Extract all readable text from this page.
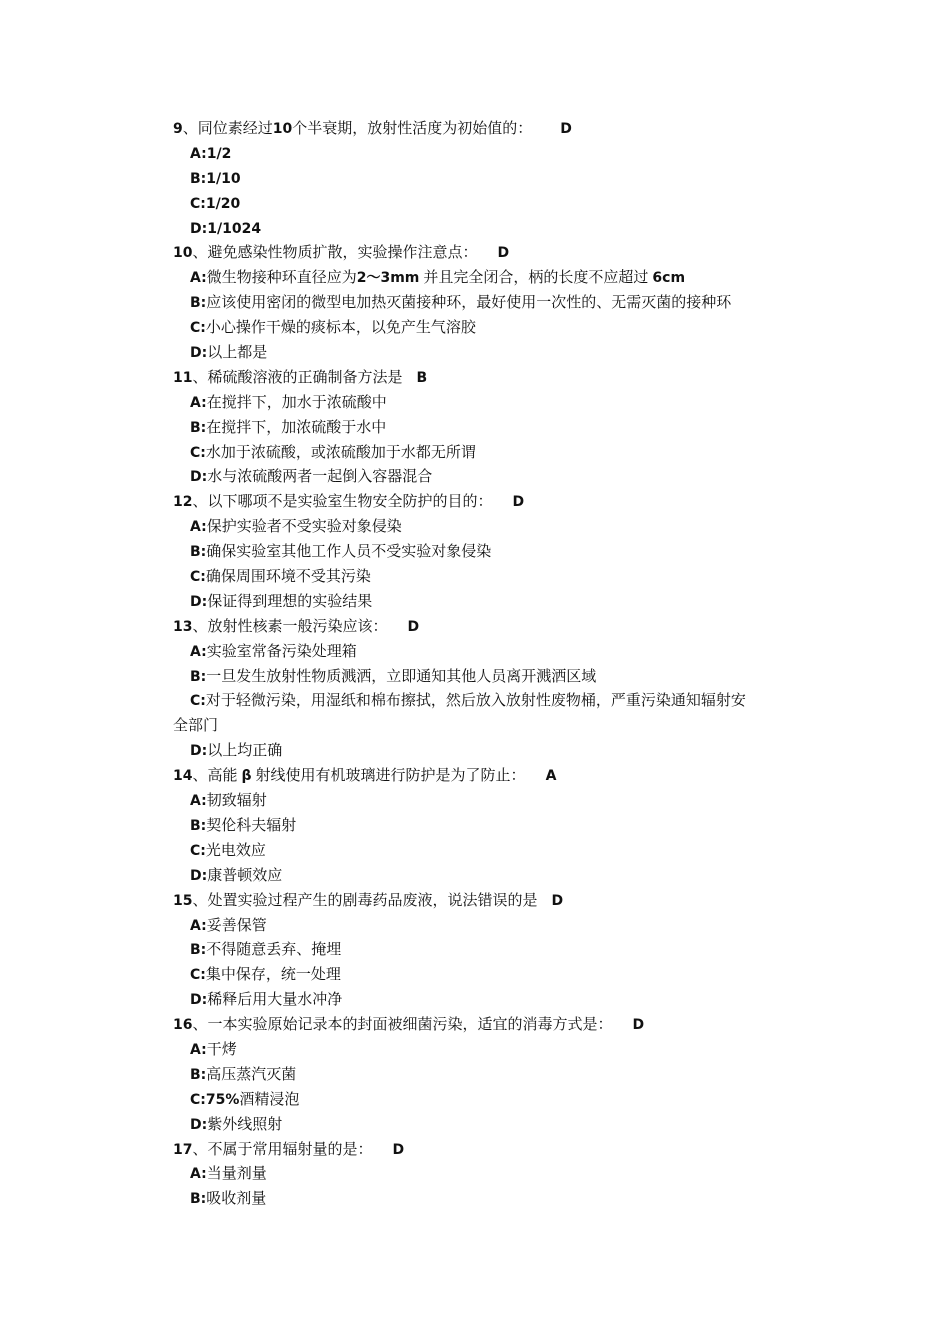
9、同位素经过10个半衰期，放射性活度为初始值的： D
A:1/2
B:1/10
C:1/20
D:1/1024
10、避免感染性物质扩散，实验操作注意点： D
A:微生物接种环直径应为2～3mm 并且完全闭合，柄的长度不应超过 6cm
B:应该使用密闭的微型电加热灭菌接种环，最好使用一次性的、无需灭菌的接种环
C:小心操作干燥的痰标本，以免产生气溶胶
D:以上都是
11、稀硫酸溶液的正确制备方法是 B
A:在搅拌下，加水于浓硫酸中
B:在搅拌下，加浓硫酸于水中
C:水加于浓硫酸，或浓硫酸加于水都无所谓
D:水与浓硫酸两者一起倒入容器混合
12、以下哪项不是实验室生物安全防护的目的： D
A:保护实验者不受实验对象侵染
B:确保实验室其他工作人员不受实验对象侵染
C:确保周围环境不受其污染
D:保证得到理想的实验结果
13、放射性核素一般污染应该： D
A:实验室常备污染处理箱
B:一旦发生放射性物质溅洒，立即通知其他人员离开溅洒区域
C:对于轻微污染，用湿纸和棉布擦拭，然后放入放射性废物桶，严重污染通知辐射安
全部门
D:以上均正确
14、高能 β 射线使用有机玻璃进行防护是为了防止： A
A:韧致辐射
B:契伦科夫辐射
C:光电效应
D:康普顿效应
15、处置实验过程产生的剧毒药品废液，说法错误的是 D
A:妥善保管
B:不得随意丢弃、掩埋
C:集中保存，统一处理
D:稀释后用大量水冲净
16、一本实验原始记录本的封面被细菌污染，适宜的消毒方式是： D
A:干烤
B:高压蒸汽灭菌
C:75%酒精浸泡
D:紫外线照射
17、不属于常用辐射量的是： D
A:当量剂量
B:吸收剂量
